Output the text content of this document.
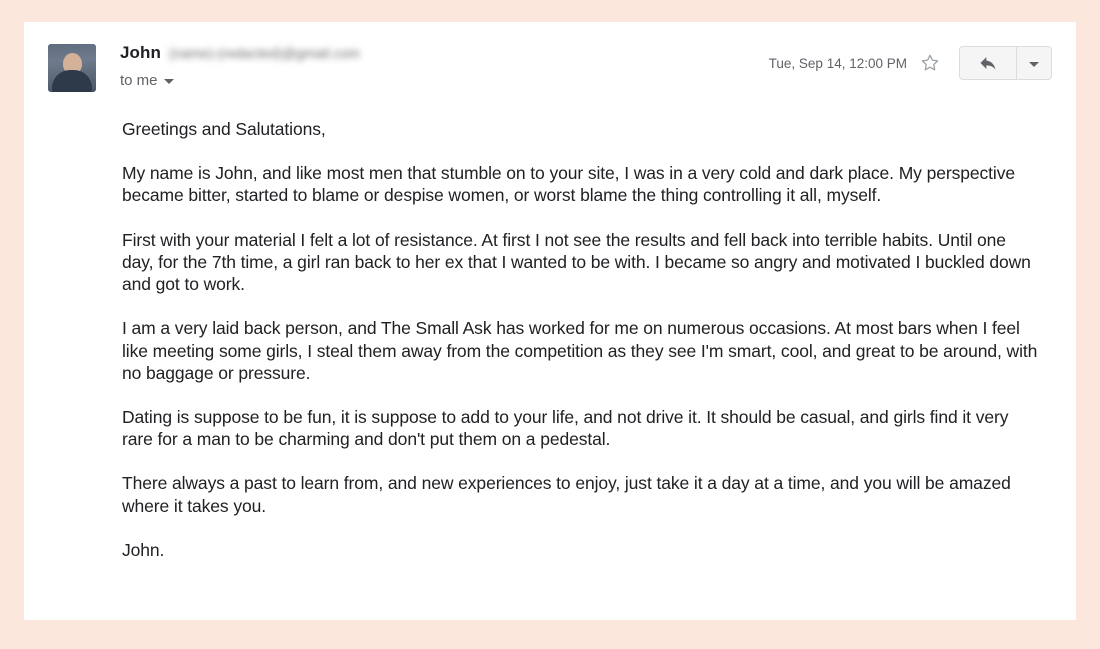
John (name)-(redacted)@gmail.com
to me
Tue, Sep 14, 12:00 PM

Greetings and Salutations,

My name is John, and like most men that stumble on to your site, I was in a very cold and dark place. My perspective became bitter, started to blame or despise women, or worst blame the thing controlling it all, myself.

First with your material I felt a lot of resistance. At first I not see the results and fell back into terrible habits. Until one day, for the 7th time, a girl ran back to her ex that I wanted to be with. I became so angry and motivated I buckled down and got to work.

I am a very laid back person, and The Small Ask has worked for me on numerous occasions. At most bars when I feel like meeting some girls, I steal them away from the competition as they see I'm smart, cool, and great to be around, with no baggage or pressure.

Dating is suppose to be fun, it is suppose to add to your life, and not drive it. It should be casual, and girls find it very rare for a man to be charming and don't put them on a pedestal.

There always a past to learn from, and new experiences to enjoy, just take it a day at a time, and you will be amazed where it takes you.

John.
